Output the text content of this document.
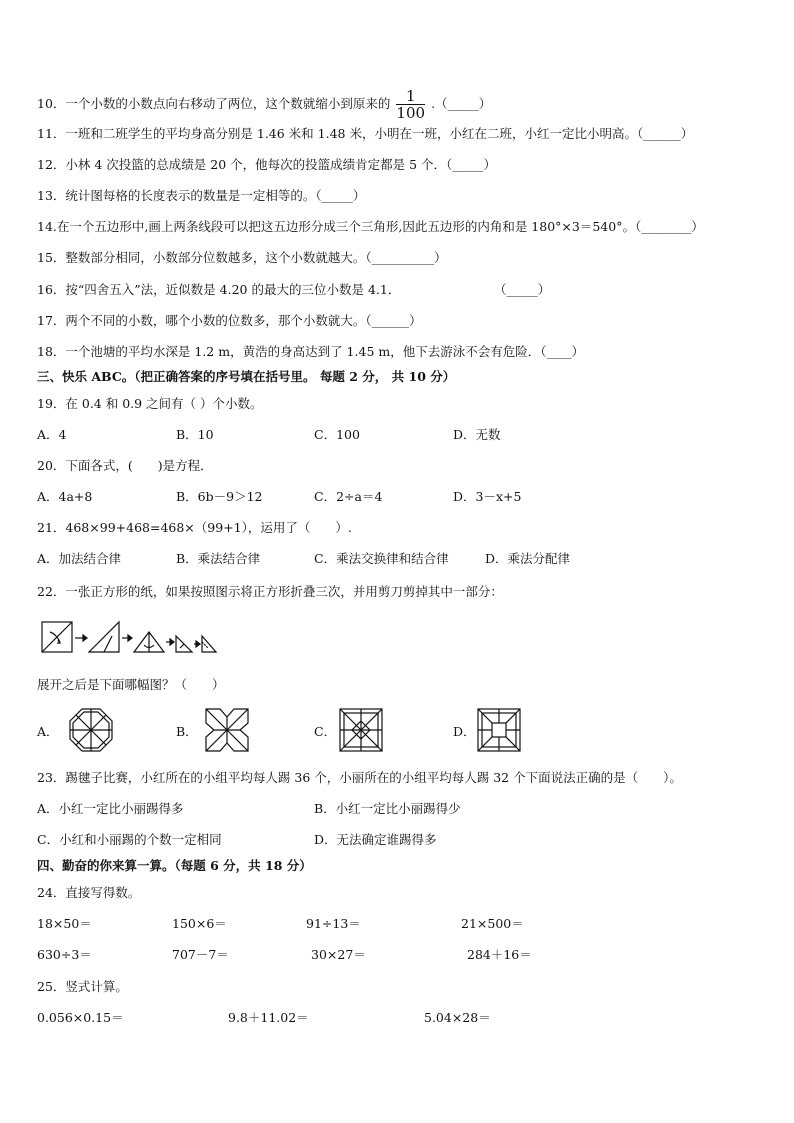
10．一个小数的小数点向右移动了两位，这个数就缩小到原来的 $\frac{1}{100}$ .（_____）
11．一班和二班学生的平均身高分别是 1.46 米和 1.48 米，小明在一班，小红在二班，小红一定比小明高。（______）
12．小林 4 次投篮的总成绩是 20 个，他每次的投篮成绩肯定都是 5 个．（_____）
13．统计图每格的长度表示的数量是一定相等的。（_____）
14.在一个五边形中,画上两条线段可以把这五边形分成三个三角形,因此五边形的内角和是 180°×3＝540°。（________）
15．整数部分相同，小数部分位数越多，这个小数就越大。（__________）
16．按“四舍五入”法，近似数是 4.20 的最大的三位小数是 4.1．	（_____）
17．两个不同的小数，哪个小数的位数多，那个小数就大。（______）
18．一个池塘的平均水深是 1.2 m，黄浩的身高达到了 1.45 m，他下去游泳不会有危险．（____）
三、快乐 ABC。（把正确答案的序号填在括号里。 每题 2 分， 共 10 分）
19．在 0.4 和 0.9 之间有（ ）个小数。
A．4	B．10	C．100	D．无数
20．下面各式，(　　)是方程．
A．4a+8	B．6b－9＞12	C．2÷a＝4	D．3－x+5
21．468×99+468=468×（99+1），运用了（　　）.
A．加法结合律	B．乘法结合律	C．乘法交换律和结合律	D．乘法分配律
22．一张正方形的纸，如果按照图示将正方形折叠三次，并用剪刀剪掉其中一部分：
展开之后是下面哪幅图？（　　）
A．	B．	C．	D．
23．踢毽子比赛，小红所在的小组平均每人踢 36 个，小丽所在的小组平均每人踢 32 个下面说法正确的是（　　）。
A．小红一定比小丽踢得多	B．小红一定比小丽踢得少
C．小红和小丽踢的个数一定相同	D．无法确定谁踢得多
四、勤奋的你来算一算。（每题 6 分，共 18 分）
24．直接写得数。
18×50＝	150×6＝	91÷13＝	21×500＝
630÷3＝	707－7＝	30×27＝	284＋16＝
25．竖式计算。
0.056×0.15＝	9.8＋11.02＝	5.04×28＝
